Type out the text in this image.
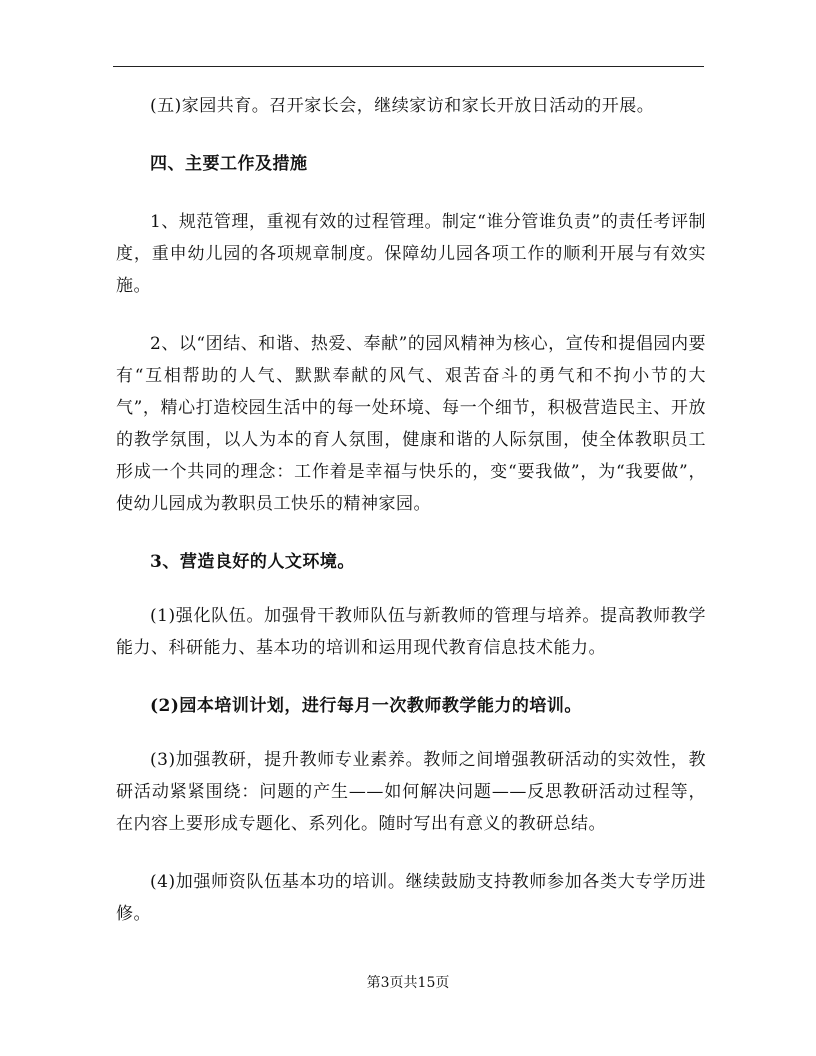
(五)家园共育。召开家长会，继续家访和家长开放日活动的开展。

四、主要工作及措施

1、规范管理，重视有效的过程管理。制定“谁分管谁负责”的责任考评制度，重申幼儿园的各项规章制度。保障幼儿园各项工作的顺利开展与有效实施。

2、以“团结、和谐、热爱、奉献”的园风精神为核心，宣传和提倡园内要有“互相帮助的人气、默默奉献的风气、艰苦奋斗的勇气和不拘小节的大气”，精心打造校园生活中的每一处环境、每一个细节，积极营造民主、开放的教学氛围，以人为本的育人氛围，健康和谐的人际氛围，使全体教职员工形成一个共同的理念：工作着是幸福与快乐的，变“要我做”，为“我要做”，使幼儿园成为教职员工快乐的精神家园。

3、营造良好的人文环境。

(1)强化队伍。加强骨干教师队伍与新教师的管理与培养。提高教师教学能力、科研能力、基本功的培训和运用现代教育信息技术能力。

(2)园本培训计划，进行每月一次教师教学能力的培训。

(3)加强教研，提升教师专业素养。教师之间增强教研活动的实效性，教研活动紧紧围绕：问题的产生——如何解决问题——反思教研活动过程等，在内容上要形成专题化、系列化。随时写出有意义的教研总结。

(4)加强师资队伍基本功的培训。继续鼓励支持教师参加各类大专学历进修。

第3页共15页
